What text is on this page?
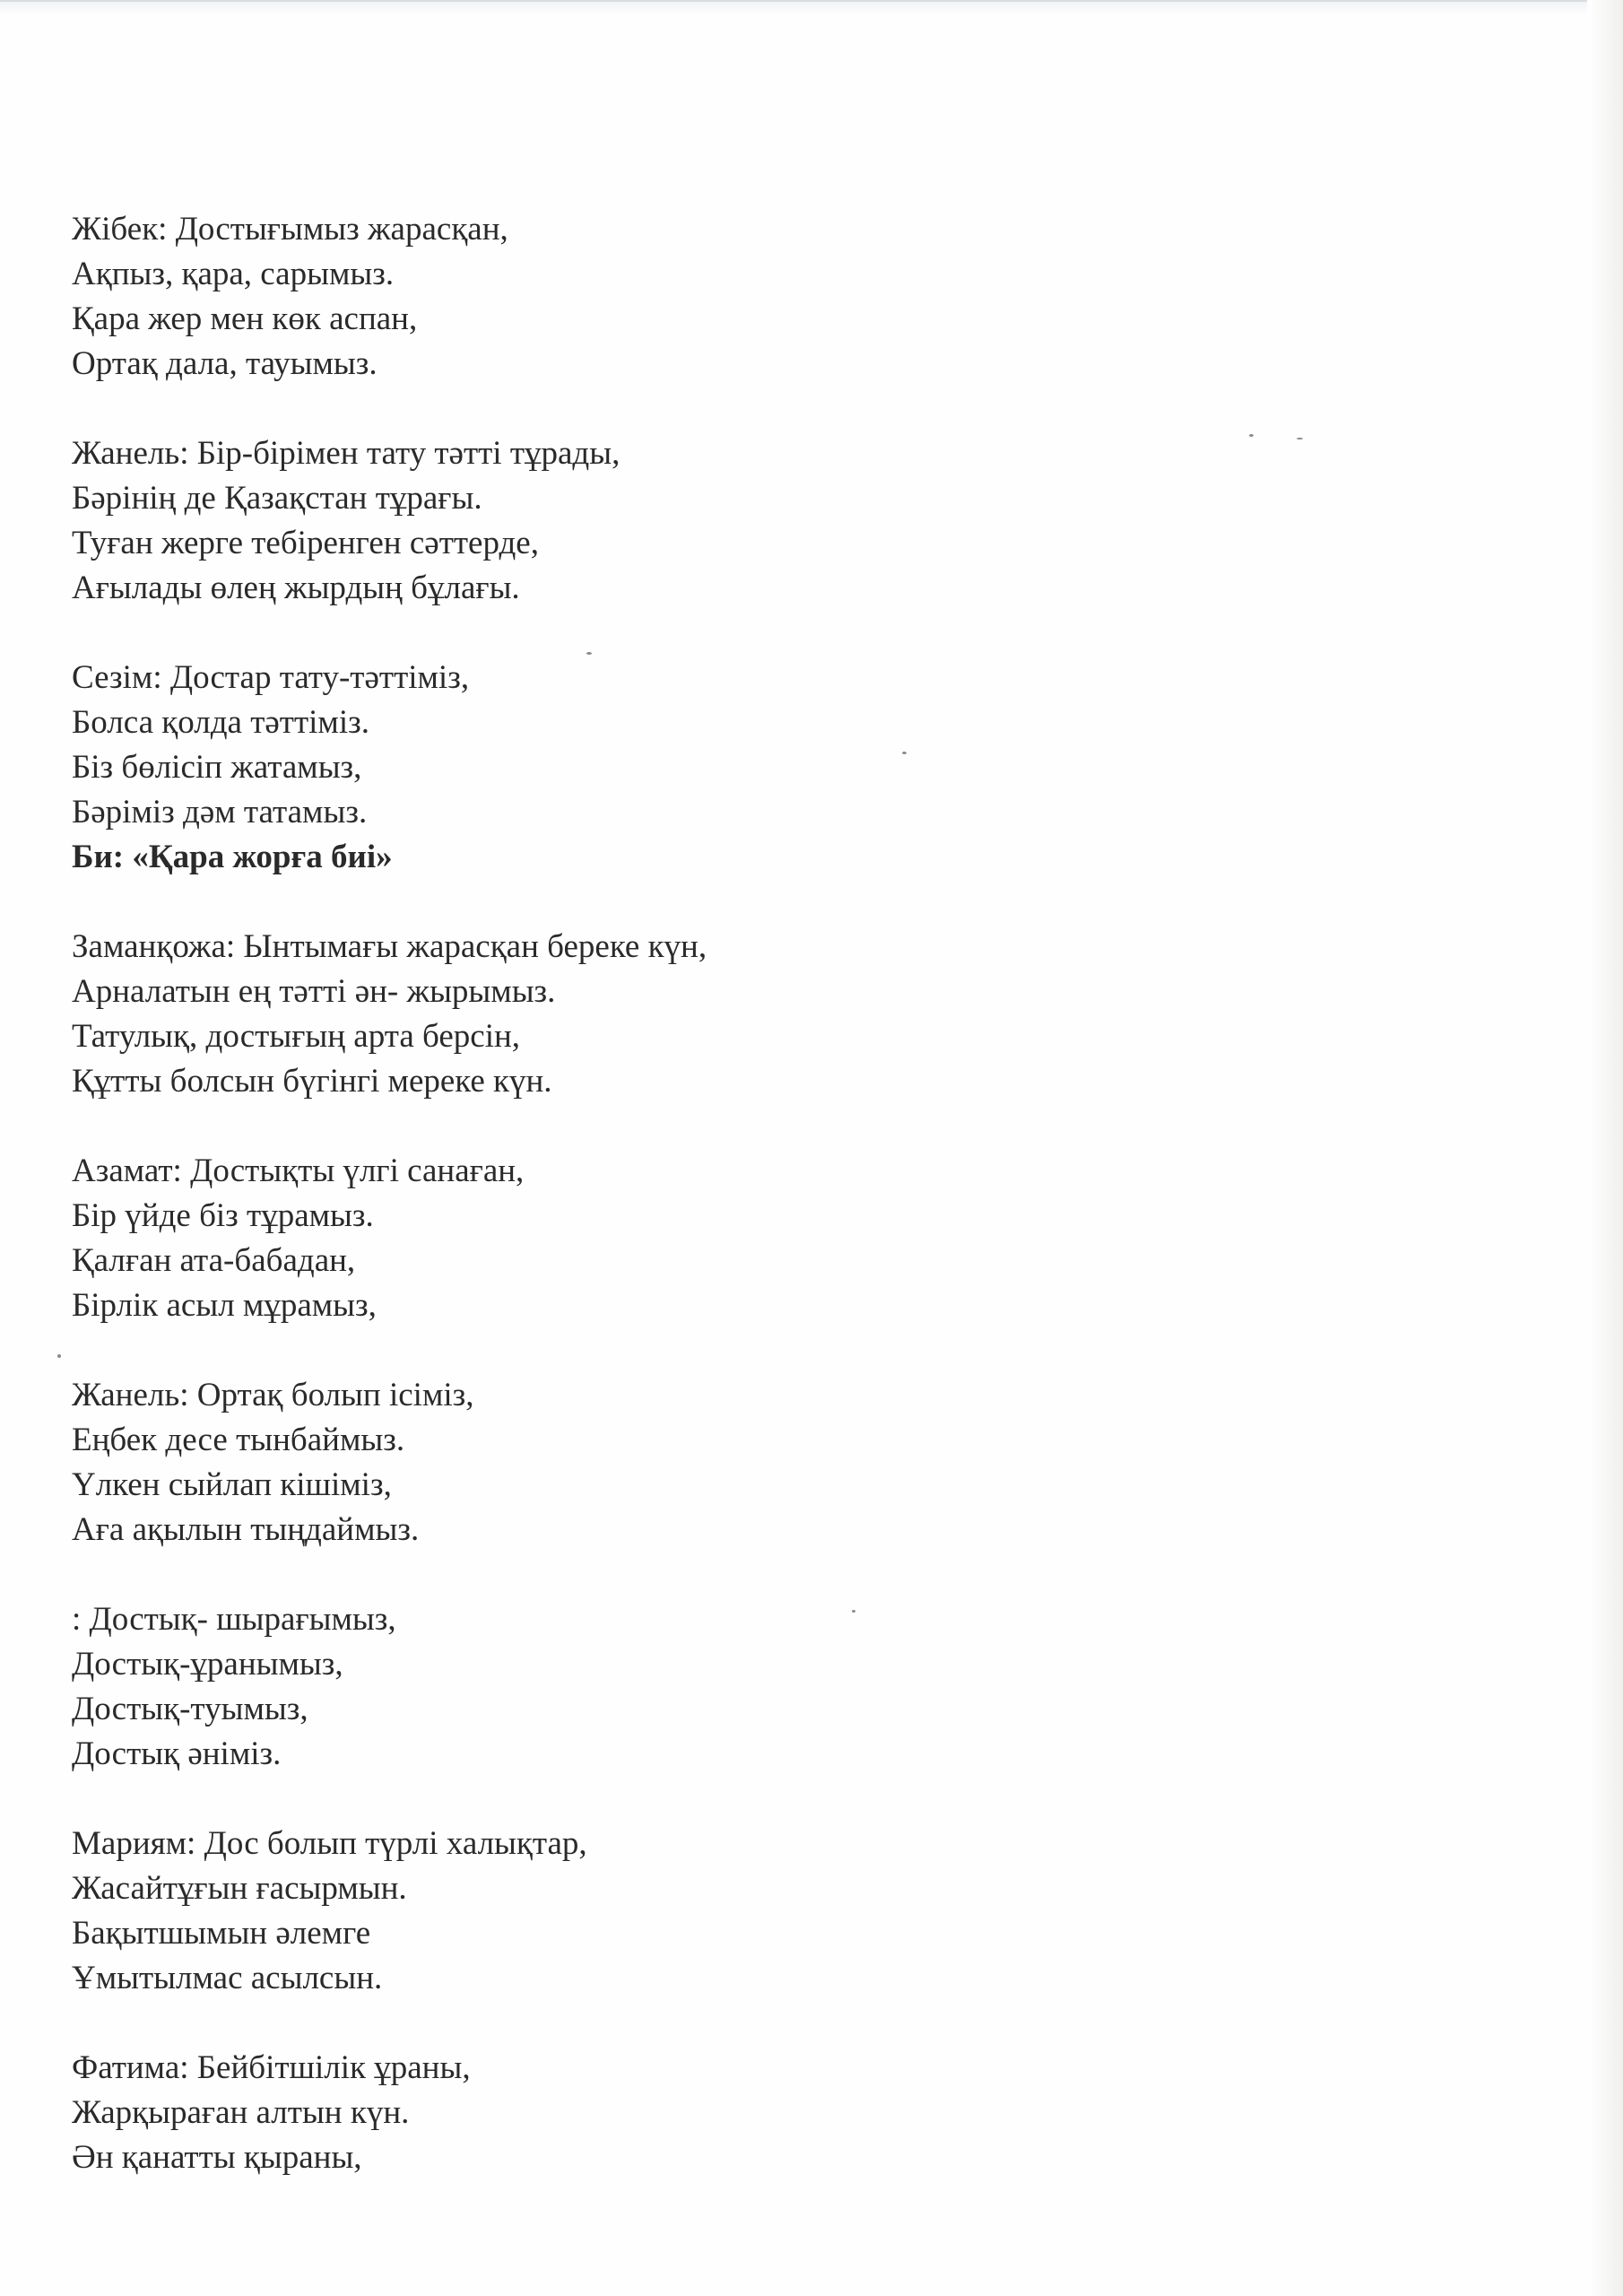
Жібек: Достығымыз жарасқан,
Ақпыз, қара, сарымыз.
Қара жер мен көк аспан,
Ортақ дала, тауымыз.
Жанель: Бір-бірімен тату тәтті тұрады,
Бәрінің де Қазақстан тұрағы.
Туған жерге тебіренген сәттерде,
Ағылады өлең жырдың бұлағы.
Сезім: Достар тату-тәттіміз,
Болса қолда тәттіміз.
Біз бөлісіп жатамыз,
Бәріміз дәм татамыз.
Би: «Қара жорға биі»
Заманқожа: Ынтымағы жарасқан береке күн,
Арналатын ең тәтті ән- жырымыз.
Татулық, достығың арта берсін,
Құтты болсын бүгінгі мереке күн.
Азамат: Достықты үлгі санаған,
Бір үйде біз тұрамыз.
Қалған ата-бабадан,
Бірлік асыл мұрамыз,
Жанель: Ортақ болып ісіміз,
Еңбек десе тынбаймыз.
Үлкен сыйлап кішіміз,
Аға ақылын тыңдаймыз.
: Достық- шырағымыз,
Достық-ұранымыз,
Достық-туымыз,
Достық әніміз.
Мариям: Дос болып түрлі халықтар,
Жасайтұғын ғасырмын.
Бақытшымын әлемге
Ұмытылмас асылсын.
Фатима: Бейбітшілік ұраны,
Жарқыраған алтын күн.
Ән қанатты қыраны,
